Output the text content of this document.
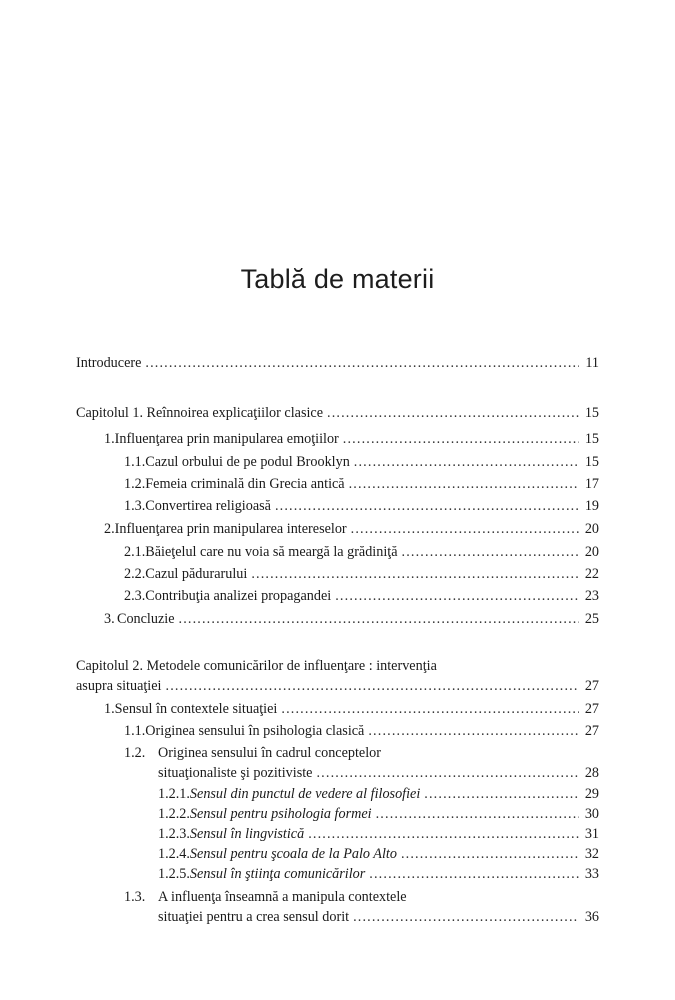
Tablă de materii
Introducere . . .	11
Capitolul 1. Reînnoirea explicaţiilor clasice . . .	15
1. Influenţarea prin manipularea emoţiilor . . .	15
1.1. Cazul orbului de pe podul Brooklyn . . .	15
1.2. Femeia criminală din Grecia antică . . .	17
1.3. Convertirea religioasă . . .	19
2. Influenţarea prin manipularea intereselor . . .	20
2.1. Băieţelul care nu voia să meargă la grădiniţă . . .	20
2.2. Cazul pădurarului . . .	22
2.3. Contribuţia analizei propagandei . . .	23
3. Concluzie . . .	25
Capitolul 2. Metodele comunicărilor de influenţare : intervenţia
asupra situaţiei . . .	27
1. Sensul în contextele situaţiei . . .	27
1.1. Originea sensului în psihologia clasică . . .	27
1.2. Originea sensului în cadrul conceptelor
situaţionaliste şi pozitiviste . . .	28
1.2.1. Sensul din punctul de vedere al filosofiei . . .	29
1.2.2. Sensul pentru psihologia formei . . .	30
1.2.3. Sensul în lingvistică . . .	31
1.2.4. Sensul pentru şcoala de la Palo Alto . . .	32
1.2.5. Sensul în ştiinţa comunicărilor . . .	33
1.3. A influenţa înseamnă a manipula contextele
situaţiei pentru a crea sensul dorit . . .	36
